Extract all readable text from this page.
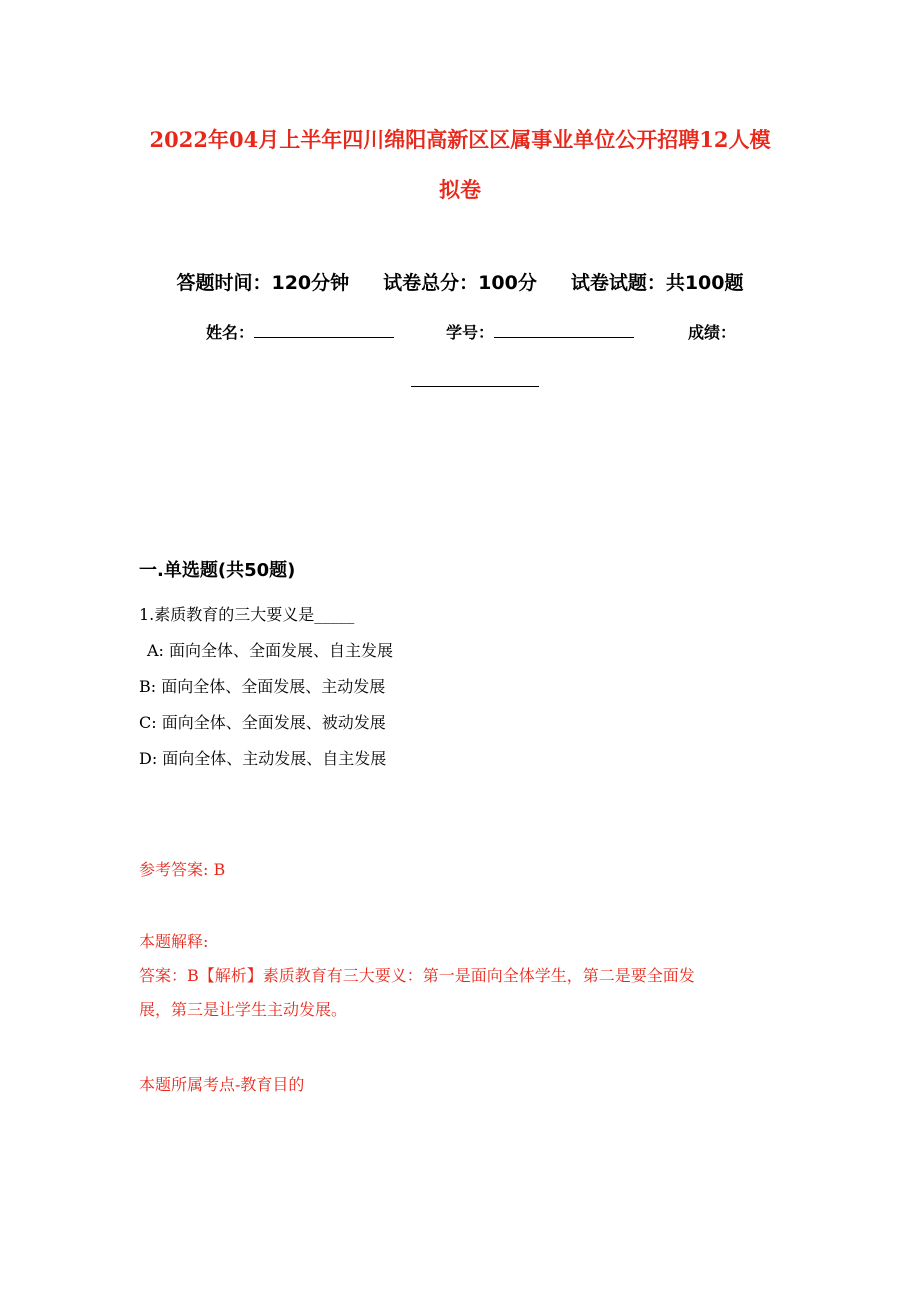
2022年04月上半年四川绵阳高新区区属事业单位公开招聘12人模
拟卷
答题时间：120分钟 试卷总分：100分 试卷试题：共100题
姓名：	学号：	成绩：
一.单选题(共50题)
1.素质教育的三大要义是_____
A: 面向全体、全面发展、自主发展
B: 面向全体、全面发展、主动发展
C: 面向全体、全面发展、被动发展
D: 面向全体、主动发展、自主发展
参考答案: B
本题解释:
答案：B【解析】素质教育有三大要义：第一是面向全体学生，第二是要全面发
展，第三是让学生主动发展。
本题所属考点-教育目的
